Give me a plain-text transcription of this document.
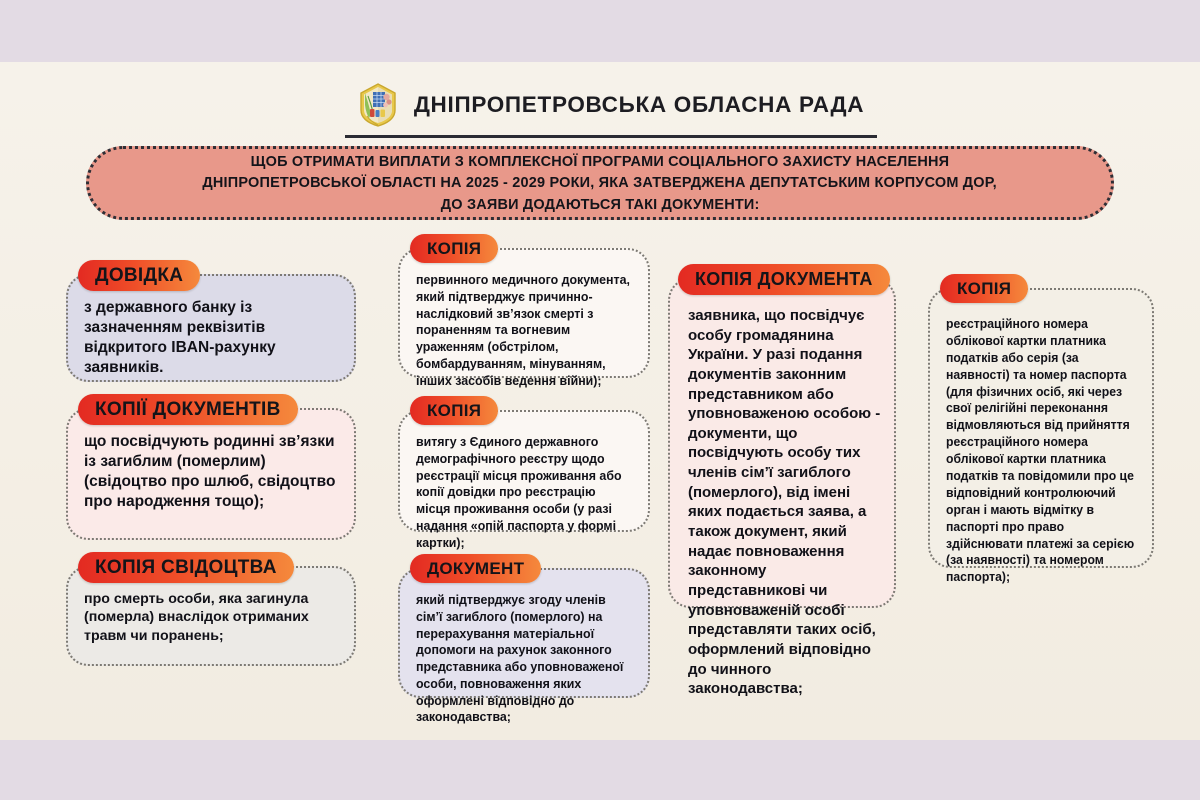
ДНІПРОПЕТРОВСЬКА ОБЛАСНА РАДА
ЩОБ ОТРИМАТИ ВИПЛАТИ З КОМПЛЕКСНОЇ ПРОГРАМИ СОЦІАЛЬНОГО ЗАХИСТУ НАСЕЛЕННЯ
ДНІПРОПЕТРОВСЬКОЇ ОБЛАСТІ НА 2025 - 2029 РОКИ, ЯКА ЗАТВЕРДЖЕНА ДЕПУТАТСЬКИМ КОРПУСОМ ДОР,
ДО ЗАЯВИ ДОДАЮТЬСЯ ТАКІ ДОКУМЕНТИ:
ДОВІДКА

з державного банку із зазначенням реквізитів відкритого IBAN-рахунку заявників.

КОПІЇ ДОКУМЕНТІВ

що посвідчують родинні зв’язки із загиблим (померлим) (свідоцтво про шлюб, свідоцтво про народження тощо);

КОПІЯ СВІДОЦТВА

про смерть особи, яка загинула (померла) внаслідок отриманих травм чи поранень;

КОПІЯ

первинного медичного документа, який підтверджує причинно-наслідковий зв’язок смерті з пораненням та вогневим ураженням (обстрілом, бомбардуванням, мінуванням, інших засобів ведення війни);

КОПІЯ

витягу з Єдиного державного демографічного реєстру щодо реєстрації місця проживання або копії довідки про реєстрацію місця проживання особи (у разі надання «опій паспорта у формі картки);

ДОКУМЕНТ

який підтверджує згоду членів сім’ї загиблого (померлого) на перерахування матеріальної допомоги на рахунок законного представника або уповноваженої особи, повноваження яких оформлені відповідно до законодавства;

КОПІЯ ДОКУМЕНТА

заявника, що посвідчує особу громадянина України. У разі подання документів законним представником або уповноваженою особою - документи, що посвідчують особу тих членів сім’ї загиблого (померлого), від імені яких подається заява, а також документ, який надає повноваження законному представникові чи уповноваженій особі представляти таких осіб, оформлений відповідно до чинного законодавства;

КОПІЯ

реєстраційного номера облікової картки платника податків або серія (за наявності) та номер паспорта (для фізичних осіб, які через свої релігійні переконання відмовляються від прийняття реєстраційного номера облікової картки платника податків та повідомили про це відповідний контролюючий орган і мають відмітку в паспорті про право здійснювати платежі за серією (за наявності) та номером паспорта);
